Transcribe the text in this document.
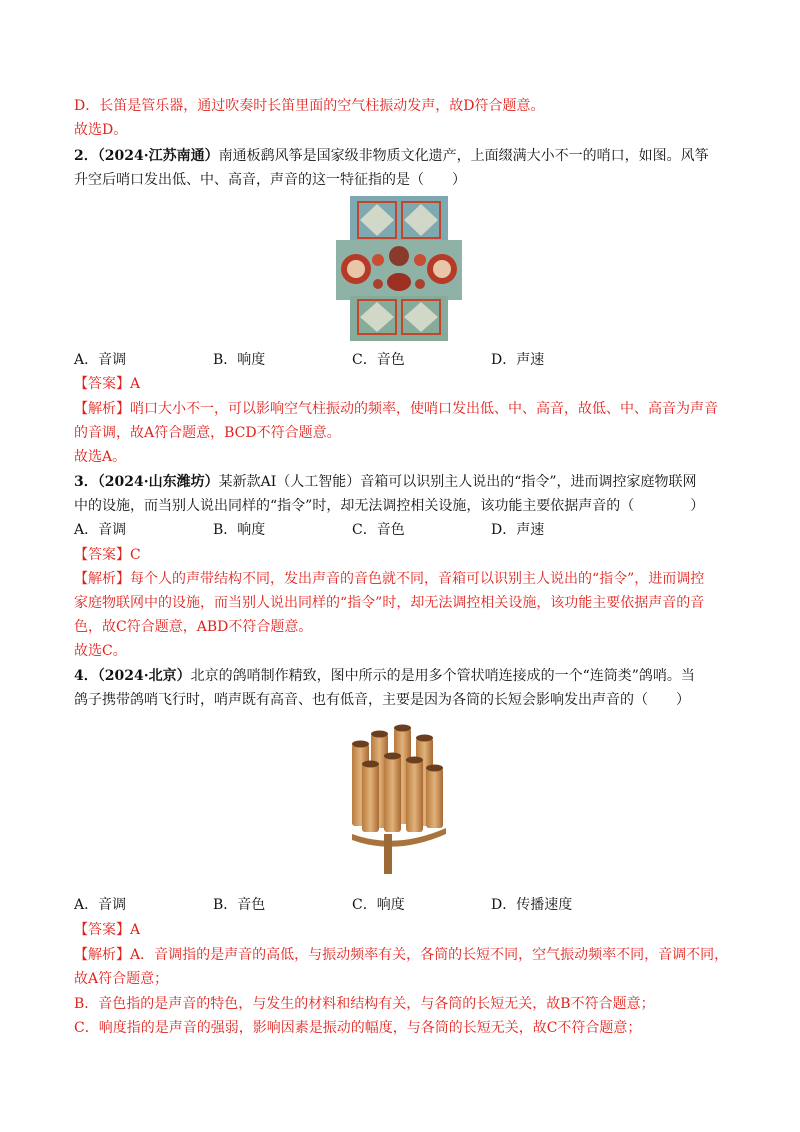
D．长笛是管乐器，通过吹奏时长笛里面的空气柱振动发声，故D符合题意。
故选D。
2．（2024·江苏南通）南通板鹞风筝是国家级非物质文化遗产，上面缀满大小不一的哨口，如图。风筝
升空后哨口发出低、中、高音，声音的这一特征指的是（　　）
A．音调	B．响度	C．音色	D．声速
【答案】A
【解析】哨口大小不一，可以影响空气柱振动的频率，使哨口发出低、中、高音，故低、中、高音为声音
的音调，故A符合题意，BCD不符合题意。
故选A。
3．（2024·山东潍坊）某新款AI（人工智能）音箱可以识别主人说出的“指令”，进而调控家庭物联网
中的设施，而当别人说出同样的“指令”时，却无法调控相关设施，该功能主要依据声音的（　　　　）
A．音调	B．响度	C．音色	D．声速
【答案】C
【解析】每个人的声带结构不同，发出声音的音色就不同，音箱可以识别主人说出的“指令”，进而调控
家庭物联网中的设施，而当别人说出同样的“指令”时，却无法调控相关设施，该功能主要依据声音的音
色，故C符合题意，ABD不符合题意。
故选C。
4．（2024·北京）北京的鸽哨制作精致，图中所示的是用多个管状哨连接成的一个“连筒类”鸽哨。当
鸽子携带鸽哨飞行时，哨声既有高音、也有低音，主要是因为各筒的长短会影响发出声音的（　　）
A．音调	B．音色	C．响度	D．传播速度
【答案】A
【解析】A．音调指的是声音的高低，与振动频率有关，各筒的长短不同，空气振动频率不同，音调不同，
故A符合题意；
B．音色指的是声音的特色，与发生的材料和结构有关，与各筒的长短无关，故B不符合题意；
C．响度指的是声音的强弱，影响因素是振动的幅度，与各筒的长短无关，故C不符合题意；
